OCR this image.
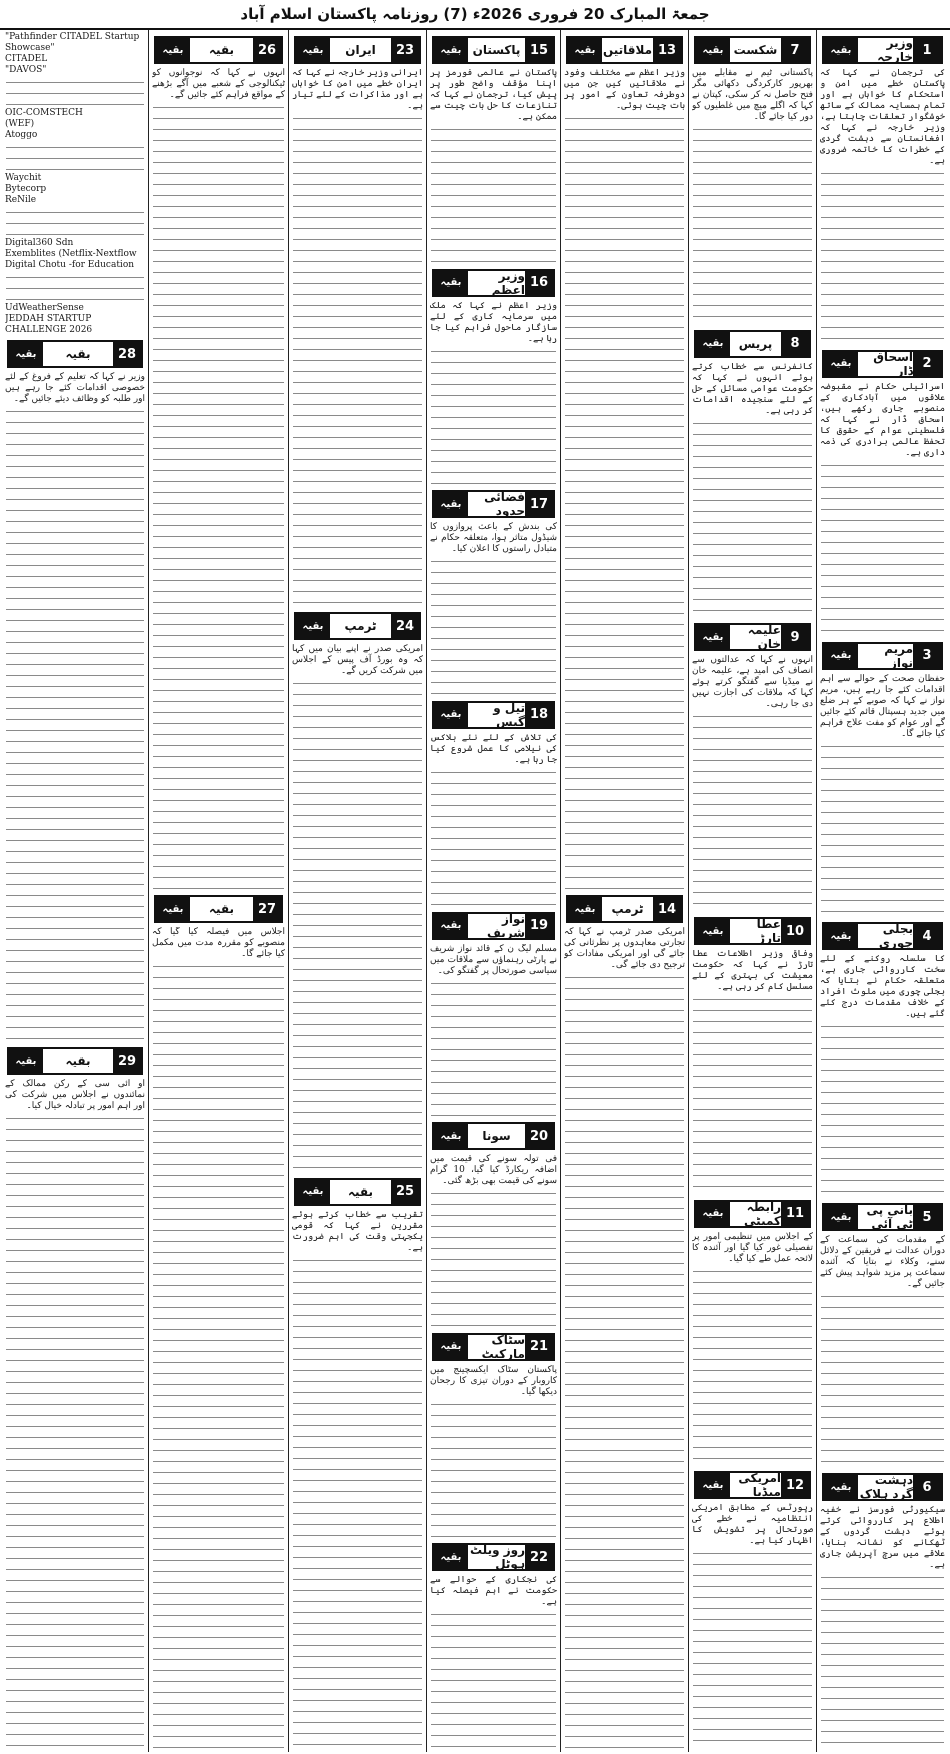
جمعۃ المبارک 20 فروری 2026ء (7) روزنامہ پاکستان اسلام آباد
1
وزیر خارجہ
بقیہ

کی ترجمان نے کہا کہ پاکستان خطے میں امن و استحکام کا خواہاں ہے اور تمام ہمسایہ ممالک کے ساتھ خوشگوار تعلقات چاہتا ہے، وزیر خارجہ نے کہا کہ افغانستان سے دہشت گردی کے خطرات کا خاتمہ ضروری ہے۔

2
اسحاق ڈار
بقیہ

اسرائیلی حکام نے مقبوضہ علاقوں میں آبادکاری کے منصوبے جاری رکھے ہیں، اسحاق ڈار نے کہا کہ فلسطینی عوام کے حقوق کا تحفظ عالمی برادری کی ذمہ داری ہے۔

3
مریم نواز
بقیہ

حفظان صحت کے حوالے سے اہم اقدامات کئے جا رہے ہیں، مریم نواز نے کہا کہ صوبے کے ہر ضلع میں جدید ہسپتال قائم کئے جائیں گے اور عوام کو مفت علاج فراہم کیا جائے گا۔

4
بجلی چوری
بقیہ

کا سلسلہ روکنے کے لئے سخت کارروائی جاری ہے، متعلقہ حکام نے بتایا کہ بجلی چوری میں ملوث افراد کے خلاف مقدمات درج کئے گئے ہیں۔

5
بانی پی ٹی آئی
بقیہ

کے مقدمات کی سماعت کے دوران عدالت نے فریقین کے دلائل سنے، وکلاء نے بتایا کہ آئندہ سماعت پر مزید شواہد پیش کئے جائیں گے۔

6
دہشت گرد ہلاک
بقیہ

سیکیورٹی فورسز نے خفیہ اطلاع پر کارروائی کرتے ہوئے دہشت گردوں کے ٹھکانے کو نشانہ بنایا، علاقے میں سرچ آپریشن جاری ہے۔

7
شکست
بقیہ

پاکستانی ٹیم نے مقابلے میں بھرپور کارکردگی دکھائی مگر فتح حاصل نہ کر سکی، کپتان نے کہا کہ اگلے میچ میں غلطیوں کو دور کیا جائے گا۔

8
پریس
بقیہ

کانفرنس سے خطاب کرتے ہوئے انہوں نے کہا کہ حکومت عوامی مسائل کے حل کے لئے سنجیدہ اقدامات کر رہی ہے۔

9
علیمہ خان
بقیہ

انہوں نے کہا کہ عدالتوں سے انصاف کی امید ہے، علیمہ خان نے میڈیا سے گفتگو کرتے ہوئے کہا کہ ملاقات کی اجازت نہیں دی جا رہی۔

10
عطا تارڑ
بقیہ

وفاقی وزیر اطلاعات عطا تارڑ نے کہا کہ حکومت معیشت کی بہتری کے لئے مسلسل کام کر رہی ہے۔

11
رابطہ کمیٹی
بقیہ

کے اجلاس میں تنظیمی امور پر تفصیلی غور کیا گیا اور آئندہ کا لائحہ عمل طے کیا گیا۔

12
امریکی میڈیا
بقیہ

رپورٹس کے مطابق امریکی انتظامیہ نے خطے کی صورتحال پر تشویش کا اظہار کیا ہے۔

13
ملاقاتیں
بقیہ

وزیر اعظم سے مختلف وفود نے ملاقاتیں کیں جن میں دوطرفہ تعاون کے امور پر بات چیت ہوئی۔

14
ٹرمپ
بقیہ

امریکی صدر ٹرمپ نے کہا کہ تجارتی معاہدوں پر نظرثانی کی جائے گی اور امریکی مفادات کو ترجیح دی جائے گی۔

15
پاکستان
بقیہ

پاکستان نے عالمی فورمز پر اپنا مؤقف واضح طور پر پیش کیا، ترجمان نے کہا کہ تنازعات کا حل بات چیت سے ممکن ہے۔

16
وزیر اعظم
بقیہ

وزیر اعظم نے کہا کہ ملک میں سرمایہ کاری کے لئے سازگار ماحول فراہم کیا جا رہا ہے۔

17
فضائی حدود
بقیہ

کی بندش کے باعث پروازوں کا شیڈول متاثر ہوا، متعلقہ حکام نے متبادل راستوں کا اعلان کیا۔

18
تیل و گیس
بقیہ

کی تلاش کے لئے نئے بلاکس کی نیلامی کا عمل شروع کیا جا رہا ہے۔

19
نواز شریف
بقیہ

مسلم لیگ ن کے قائد نواز شریف نے پارٹی رہنماؤں سے ملاقات میں سیاسی صورتحال پر گفتگو کی۔

20
سونا
بقیہ

فی تولہ سونے کی قیمت میں اضافہ ریکارڈ کیا گیا، 10 گرام سونے کی قیمت بھی بڑھ گئی۔

21
سٹاک مارکیٹ
بقیہ

پاکستان سٹاک ایکسچینج میں کاروبار کے دوران تیزی کا رجحان دیکھا گیا۔

22
روز ویلٹ ہوٹل
بقیہ

کی نجکاری کے حوالے سے حکومت نے اہم فیصلہ کیا ہے۔

23
ایران
بقیہ

ایرانی وزیر خارجہ نے کہا کہ ایران خطے میں امن کا خواہاں ہے اور مذاکرات کے لئے تیار ہے۔

24
ٹرمپ
بقیہ

امریکی صدر نے اپنے بیان میں کہا کہ وہ بورڈ آف پیس کے اجلاس میں شرکت کریں گے۔

25
بقیہ
بقیہ

تقریب سے خطاب کرتے ہوئے مقررین نے کہا کہ قومی یکجہتی وقت کی اہم ضرورت ہے۔

26
بقیہ
بقیہ

انہوں نے کہا کہ نوجوانوں کو ٹیکنالوجی کے شعبے میں آگے بڑھنے کے مواقع فراہم کئے جائیں گے۔

27
بقیہ
بقیہ

اجلاس میں فیصلہ کیا گیا کہ منصوبے کو مقررہ مدت میں مکمل کیا جائے گا۔

"Pathfinder CITADEL Startup Showcase"

CITADEL

"DAVOS"

OIC-COMSTECH

(WEF)

Atoggo

Waychit

Bytecorp

ReNile

Digital360 Sdn

Exemblites (Netflix-Nextflow

Digital Chotu -for Education

UdWeatherSense

JEDDAH STARTUP CHALLENGE 2026

28
بقیہ
بقیہ

وزیر نے کہا کہ تعلیم کے فروغ کے لئے خصوصی اقدامات کئے جا رہے ہیں اور طلبہ کو وظائف دیئے جائیں گے۔

29
بقیہ
بقیہ

او آئی سی کے رکن ممالک کے نمائندوں نے اجلاس میں شرکت کی اور اہم امور پر تبادلہ خیال کیا۔
